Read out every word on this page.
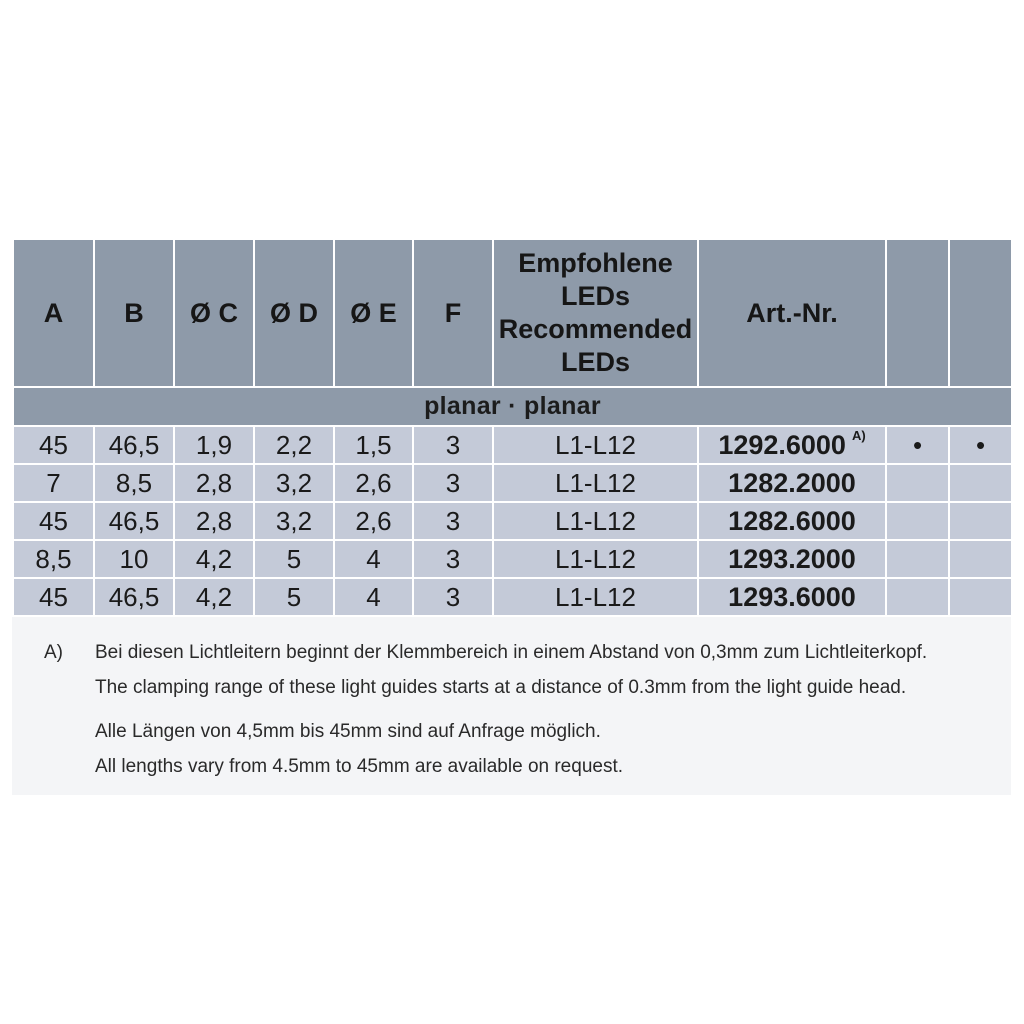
A	B	Ø C	Ø D	Ø E	F	Empfohlene
LEDs
Recommended
LEDs	Art.-Nr.		
planar · planar									
45	46,5	1,9	2,2	1,5	3	L1-L12	1292.6000 $^{A)}$	•	•
7	8,5	2,8	3,2	2,6	3	L1-L12	1282.2000		
45	46,5	2,8	3,2	2,6	3	L1-L12	1282.6000		
8,5	10	4,2	5	4	3	L1-L12	1293.2000		
45	46,5	4,2	5	4	3	L1-L12	1293.6000		
A) Bei diesen Lichtleitern beginnt der Klemmbereich in einem Abstand von 0,3mm zum Lichtleiterkopf.
The clamping range of these light guides starts at a distance of 0.3mm from the light guide head.
Alle Längen von 4,5mm bis 45mm sind auf Anfrage möglich.
All lengths vary from 4.5mm to 45mm are available on request.
